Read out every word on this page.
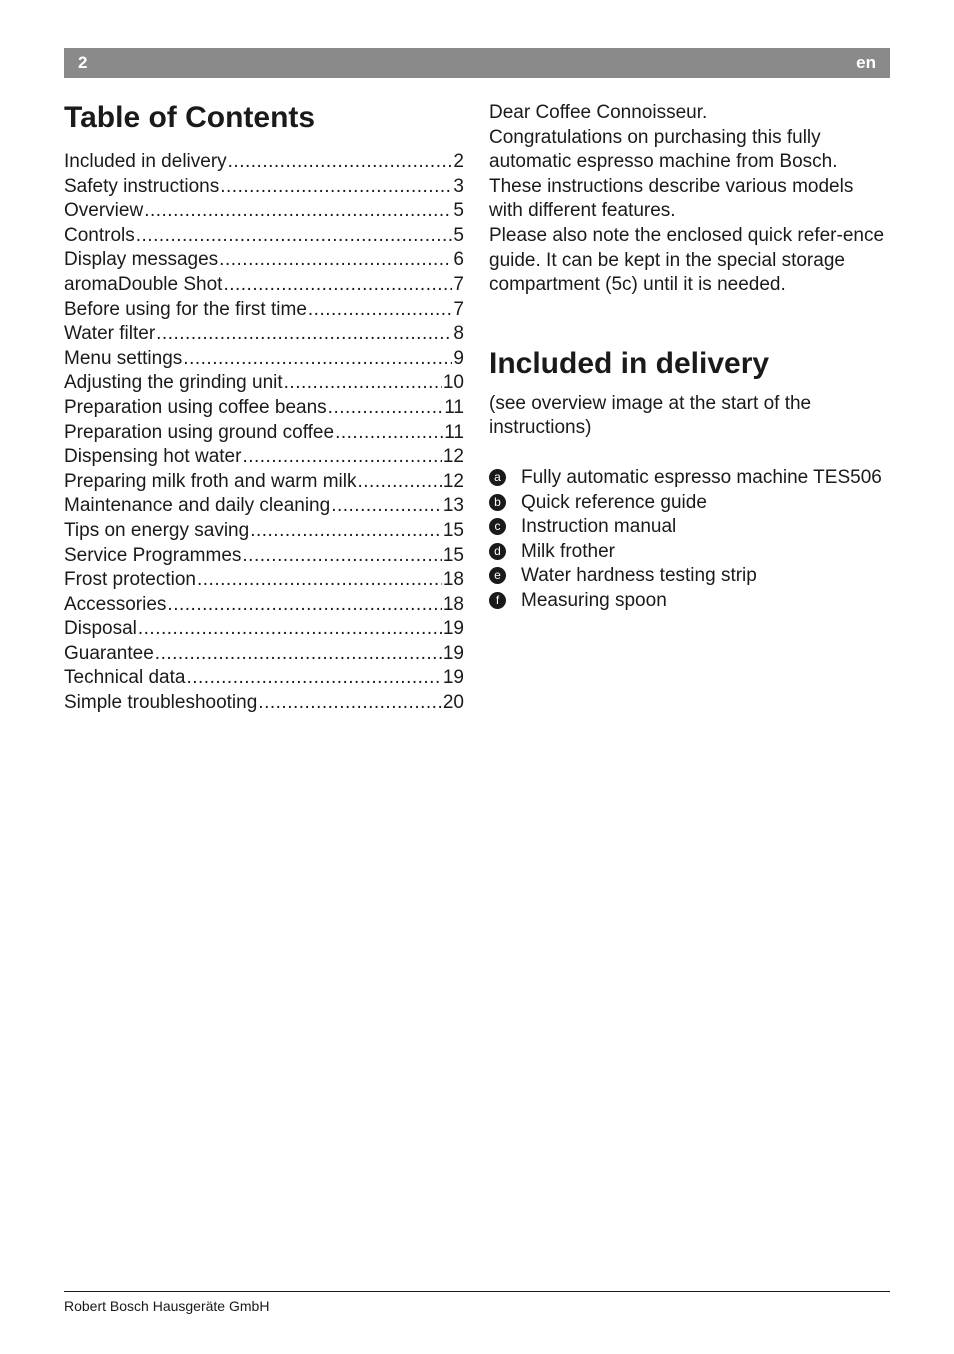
2	en
Table of Contents
Included in delivery .....	2
Safety instructions .....	3
Overview .....	5
Controls .....	5
Display messages .....	6
aromaDouble Shot .....	7
Before using for the first time .....	7
Water filter .....	8
Menu settings .....	9
Adjusting the grinding unit .....	10
Preparation using coffee beans .....	11
Preparation using ground coffee .....	11
Dispensing hot water .....	12
Preparing milk froth and warm milk .....	12
Maintenance and daily cleaning .....	13
Tips on energy saving .....	15
Service Programmes .....	15
Frost protection .....	18
Accessories .....	18
Disposal .....	19
Guarantee .....	19
Technical data .....	19
Simple troubleshooting .....	20

Dear Coffee Connoisseur.

Congratulations on purchasing this fully automatic espresso machine from Bosch.

These instructions describe various models with different features.

Please also note the enclosed quick refer-ence guide. It can be kept in the special storage compartment (5c) until it is needed.

Included in delivery

(see overview image at the start of the instructions)

a Fully automatic espresso machine TES506
b Quick reference guide
c Instruction manual
d Milk frother
e Water hardness testing strip
f	Measuring spoon
Robert Bosch Hausgeräte GmbH
